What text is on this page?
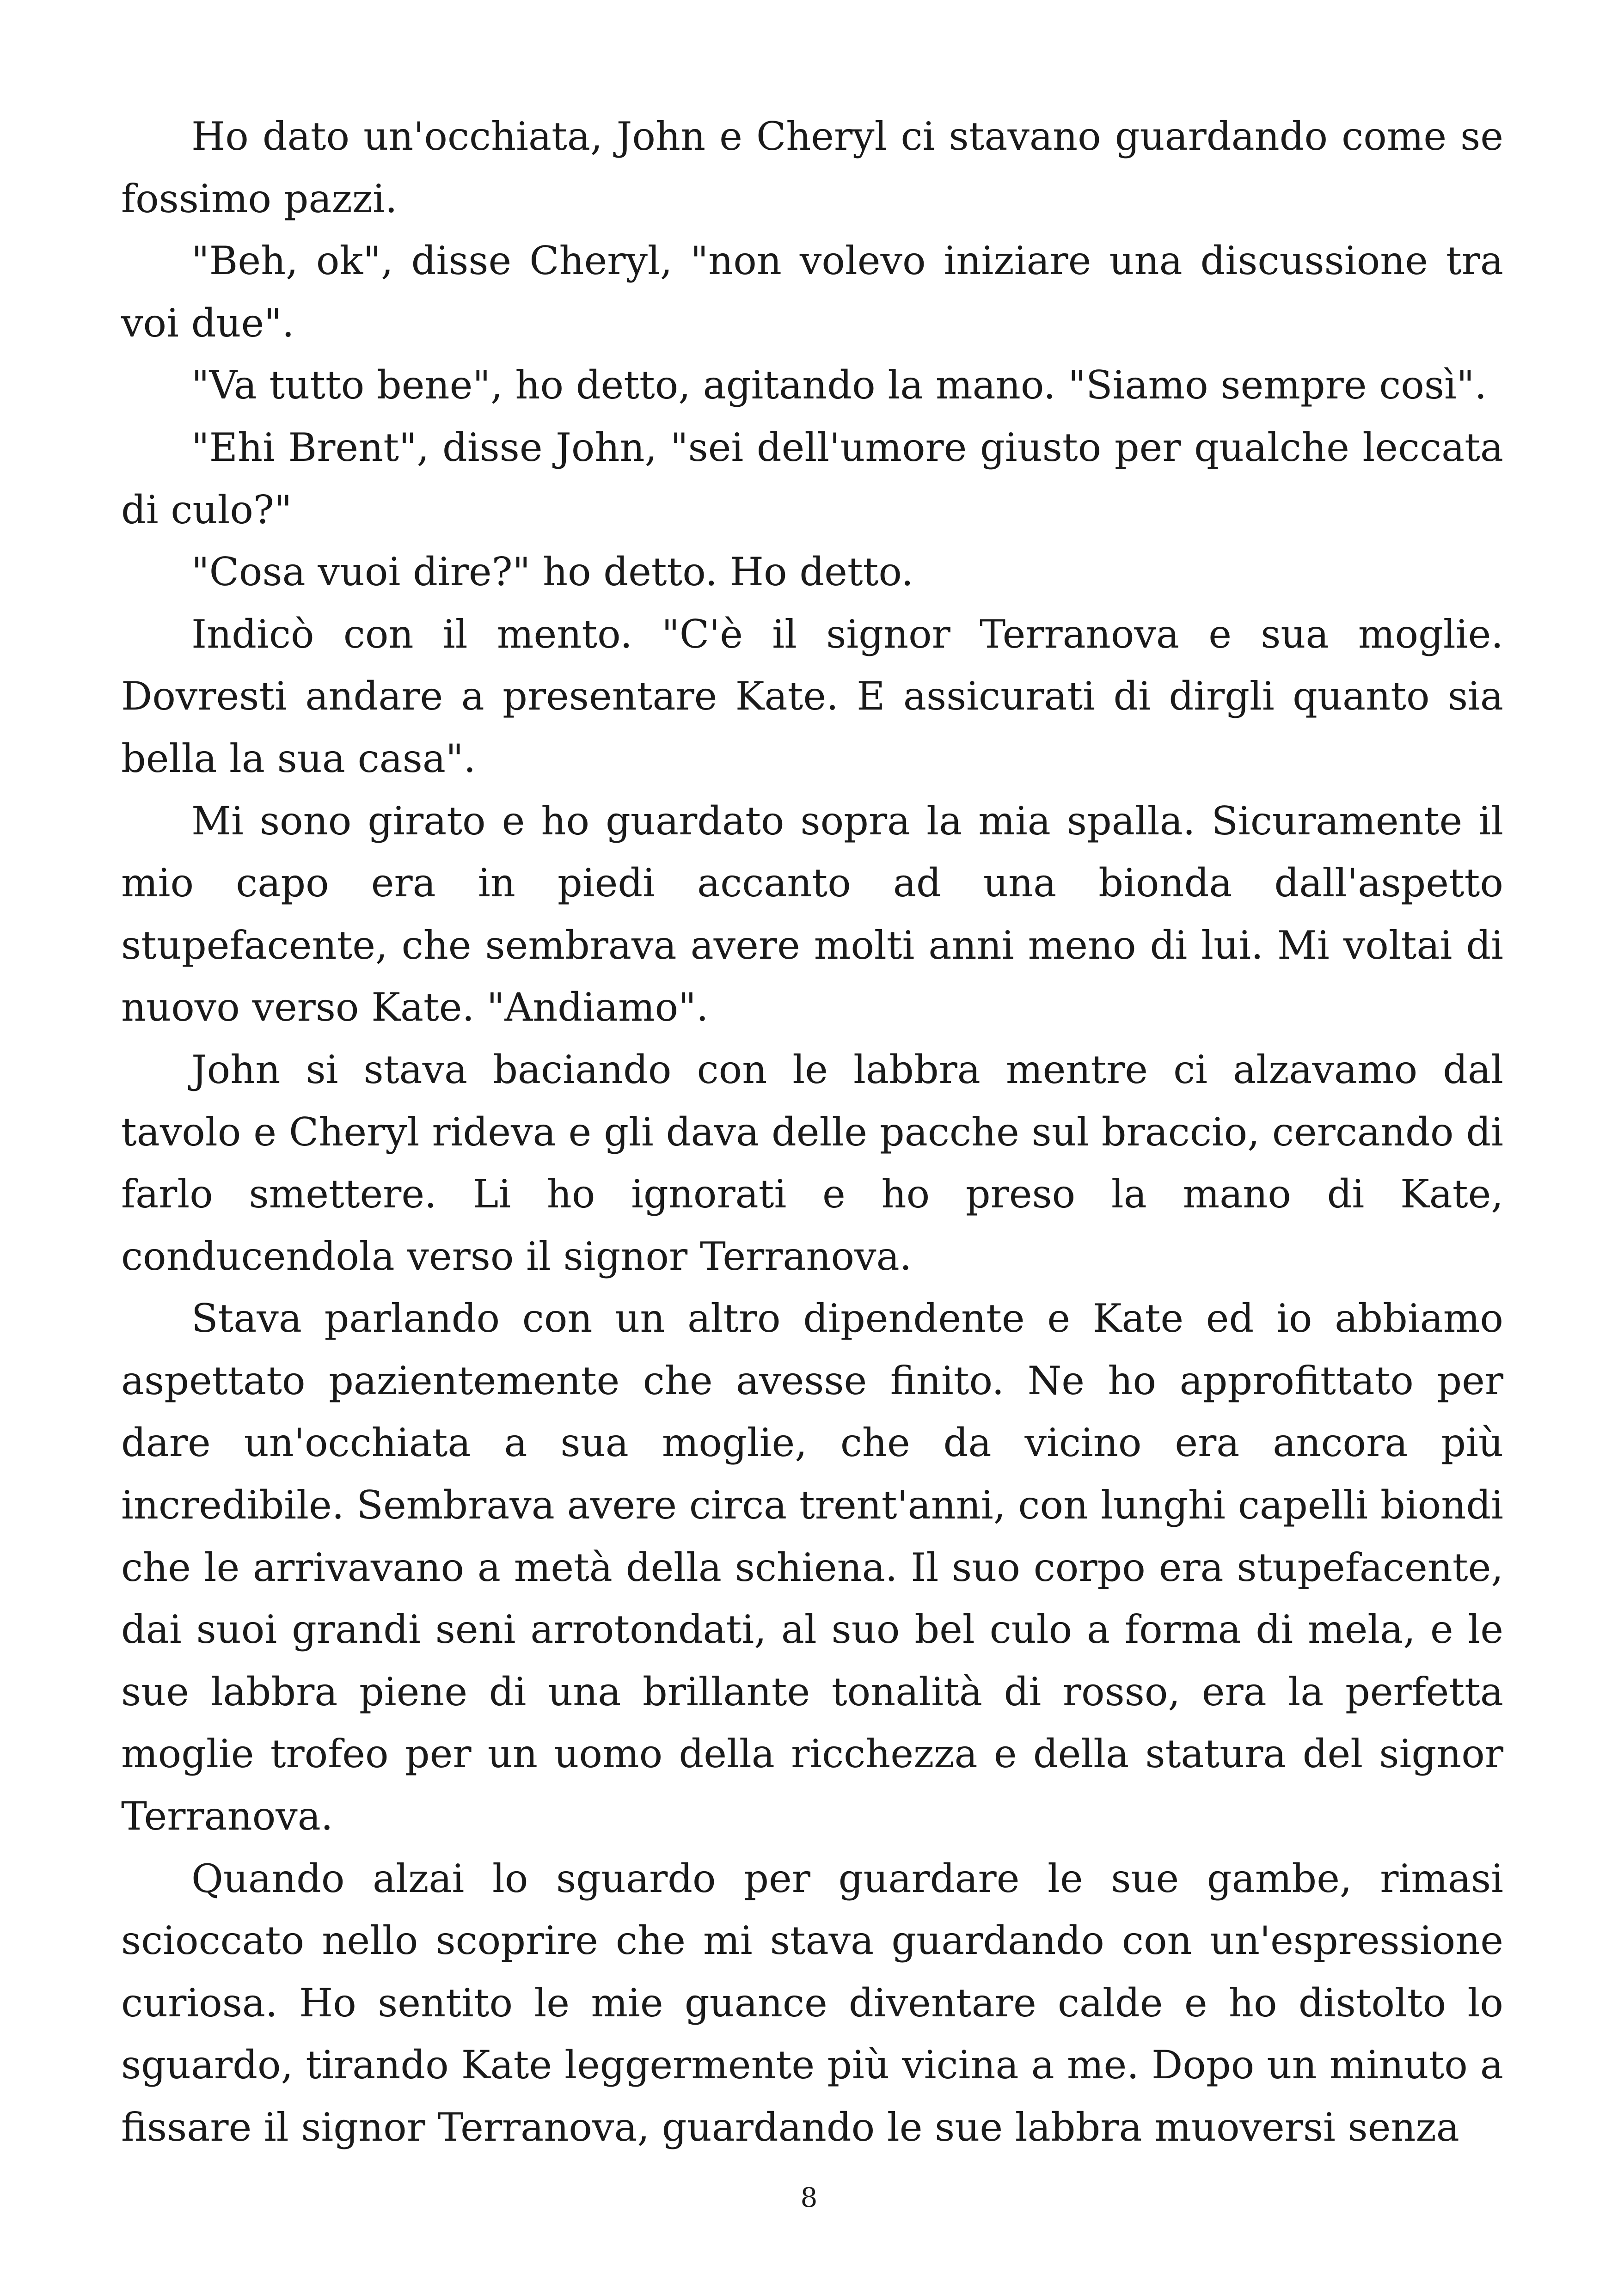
Ho dato un'occhiata, John e Cheryl ci stavano guardando come se fossimo pazzi.

"Beh, ok", disse Cheryl, "non volevo iniziare una discussione tra voi due".

"Va tutto bene", ho detto, agitando la mano. "Siamo sempre così".

"Ehi Brent", disse John, "sei dell'umore giusto per qualche leccata di culo?"

"Cosa vuoi dire?" ho detto. Ho detto.

Indicò con il mento. "C'è il signor Terranova e sua moglie. Dovresti andare a presentare Kate. E assicurati di dirgli quanto sia bella la sua casa".

Mi sono girato e ho guardato sopra la mia spalla. Sicuramente il mio capo era in piedi accanto ad una bionda dall'aspetto stupefacente, che sembrava avere molti anni meno di lui. Mi voltai di nuovo verso Kate. "Andiamo".

John si stava baciando con le labbra mentre ci alzavamo dal tavolo e Cheryl rideva e gli dava delle pacche sul braccio, cercando di farlo smettere. Li ho ignorati e ho preso la mano di Kate, conducendola verso il signor Terranova.

Stava parlando con un altro dipendente e Kate ed io abbiamo aspettato pazientemente che avesse finito. Ne ho approfittato per dare un'occhiata a sua moglie, che da vicino era ancora più incredibile. Sembrava avere circa trent'anni, con lunghi capelli biondi che le arrivavano a metà della schiena. Il suo corpo era stupefacente, dai suoi grandi seni arrotondati, al suo bel culo a forma di mela, e le sue labbra piene di una brillante tonalità di rosso, era la perfetta moglie trofeo per un uomo della ricchezza e della statura del signor Terranova.

Quando alzai lo sguardo per guardare le sue gambe, rimasi scioccato nello scoprire che mi stava guardando con un'espressione curiosa. Ho sentito le mie guance diventare calde e ho distolto lo sguardo, tirando Kate leggermente più vicina a me. Dopo un minuto a fissare il signor Terranova, guardando le sue labbra muoversi senza

8
